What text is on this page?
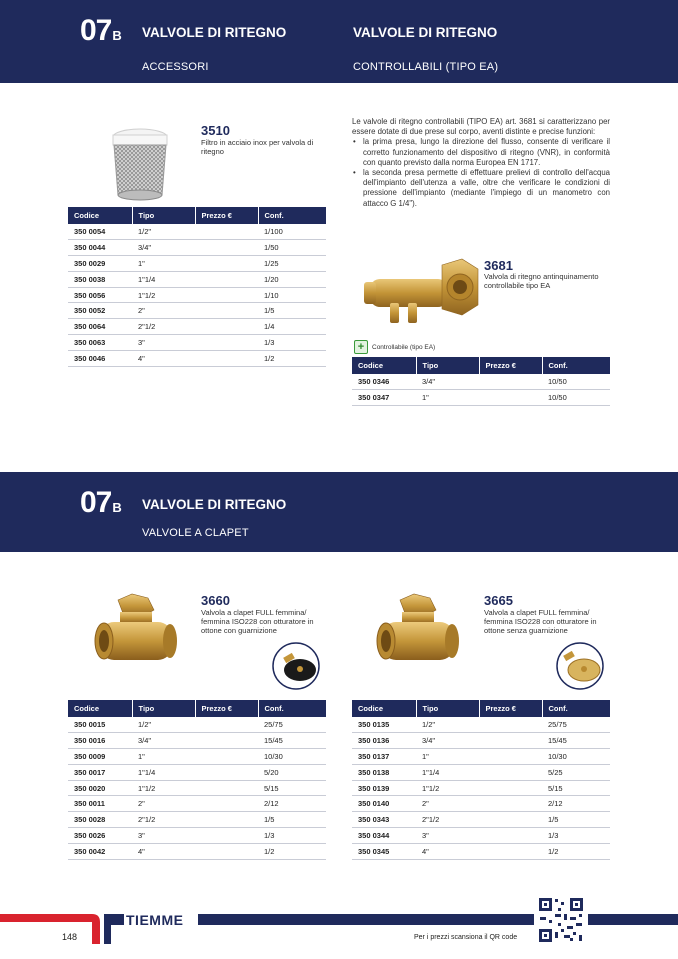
07B VALVOLE DI RITEGNO
ACCESSORI
VALVOLE DI RITEGNO
CONTROLLABILI (TIPO EA)
3510
Filtro in acciaio inox per valvola di ritegno
Codice	Tipo	Prezzo €	Conf.
350 0054	1/2"		1/100
350 0044	3/4"		1/50
350 0029	1"		1/25
350 0038	1"1/4		1/20
350 0056	1"1/2		1/10
350 0052	2"		1/5
350 0064	2"1/2		1/4
350 0063	3"		1/3
350 0046	4"		1/2

Le valvole di ritegno controllabili (TIPO EA) art. 3681 si caratterizzano per essere dotate di due prese sul corpo, aventi distinte e precise funzioni:

• la prima presa, lungo la direzione del flusso, consente di verificare il corretto funzionamento del dispositivo di ritegno (VNR), in conformità con quanto previsto dalla norma Europea EN 1717.
• la seconda presa permette di effettuare prelievi di controllo dell'acqua dell'impianto dell'utenza a valle, oltre che verificare le condizioni di pressione dell'impianto (mediante l'impiego di un manometro con attacco G 1/4").
3681
Valvola di ritegno antinquinamento controllabile tipo EA
+	Controllabile (tipo EA)
Codice	Tipo	Prezzo €	Conf.
350 0346	3/4"		10/50
350 0347	1"		10/50
07B VALVOLE DI RITEGNO
VALVOLE A CLAPET
3660
Valvola a clapet FULL femmina/ femmina ISO228 con otturatore in ottone con guarnizione
Codice	Tipo	Prezzo €	Conf.
350 0015	1/2"		25/75
350 0016	3/4"		15/45
350 0009	1"		10/30
350 0017	1"1/4		5/20
350 0020	1"1/2		5/15
350 0011	2"		2/12
350 0028	2"1/2		1/5
350 0026	3"		1/3
350 0042	4"		1/2
3665
Valvola a clapet FULL femmina/ femmina ISO228 con otturatore in ottone senza guarnizione
Codice	Tipo	Prezzo €	Conf.
350 0135	1/2"		25/75
350 0136	3/4"		15/45
350 0137	1"		10/30
350 0138	1"1/4		5/25
350 0139	1"1/2		5/15
350 0140	2"		2/12
350 0343	2"1/2		1/5
350 0344	3"		1/3
350 0345	4"		1/2
TIEMME
148	Per i prezzi scansiona il QR code
